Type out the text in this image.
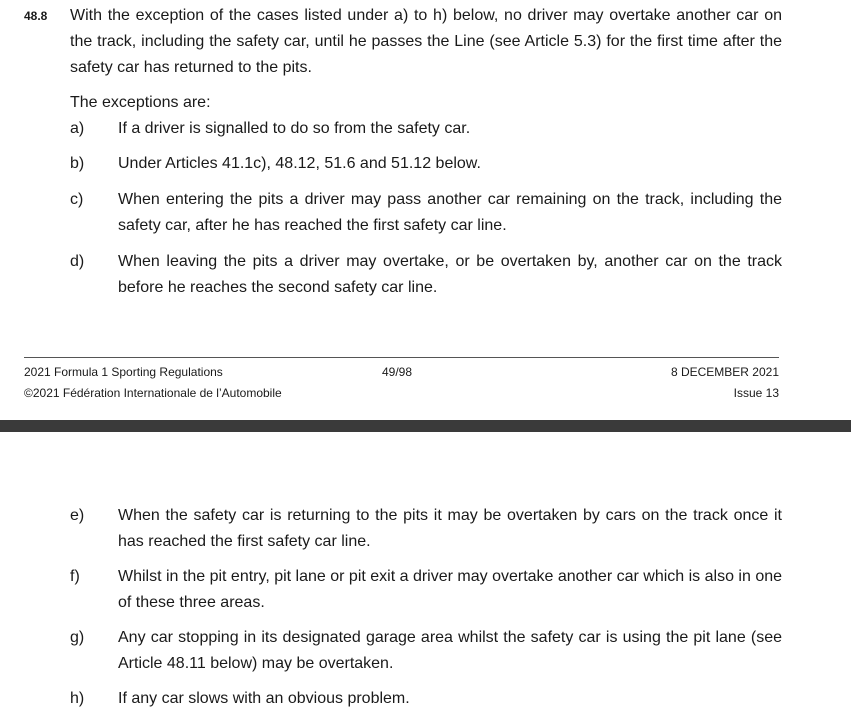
48.8 With the exception of the cases listed under a) to h) below, no driver may overtake another car on the track, including the safety car, until he passes the Line (see Article 5.3) for the first time after the safety car has returned to the pits.
The exceptions are:
a)	If a driver is signalled to do so from the safety car.
b)	Under Articles 41.1c), 48.12, 51.6 and 51.12 below.
c)	When entering the pits a driver may pass another car remaining on the track, including the safety car, after he has reached the first safety car line.
d)	When leaving the pits a driver may overtake, or be overtaken by, another car on the track before he reaches the second safety car line.
2021 Formula 1 Sporting Regulations
©2021 Fédération Internationale de l’Automobile
49/98	8 DECEMBER 2021
Issue 13
e)	When the safety car is returning to the pits it may be overtaken by cars on the track once it has reached the first safety car line.
f)	Whilst in the pit entry, pit lane or pit exit a driver may overtake another car which is also in one of these three areas.
g)	Any car stopping in its designated garage area whilst the safety car is using the pit lane (see Article 48.11 below) may be overtaken.
h)	If any car slows with an obvious problem.
